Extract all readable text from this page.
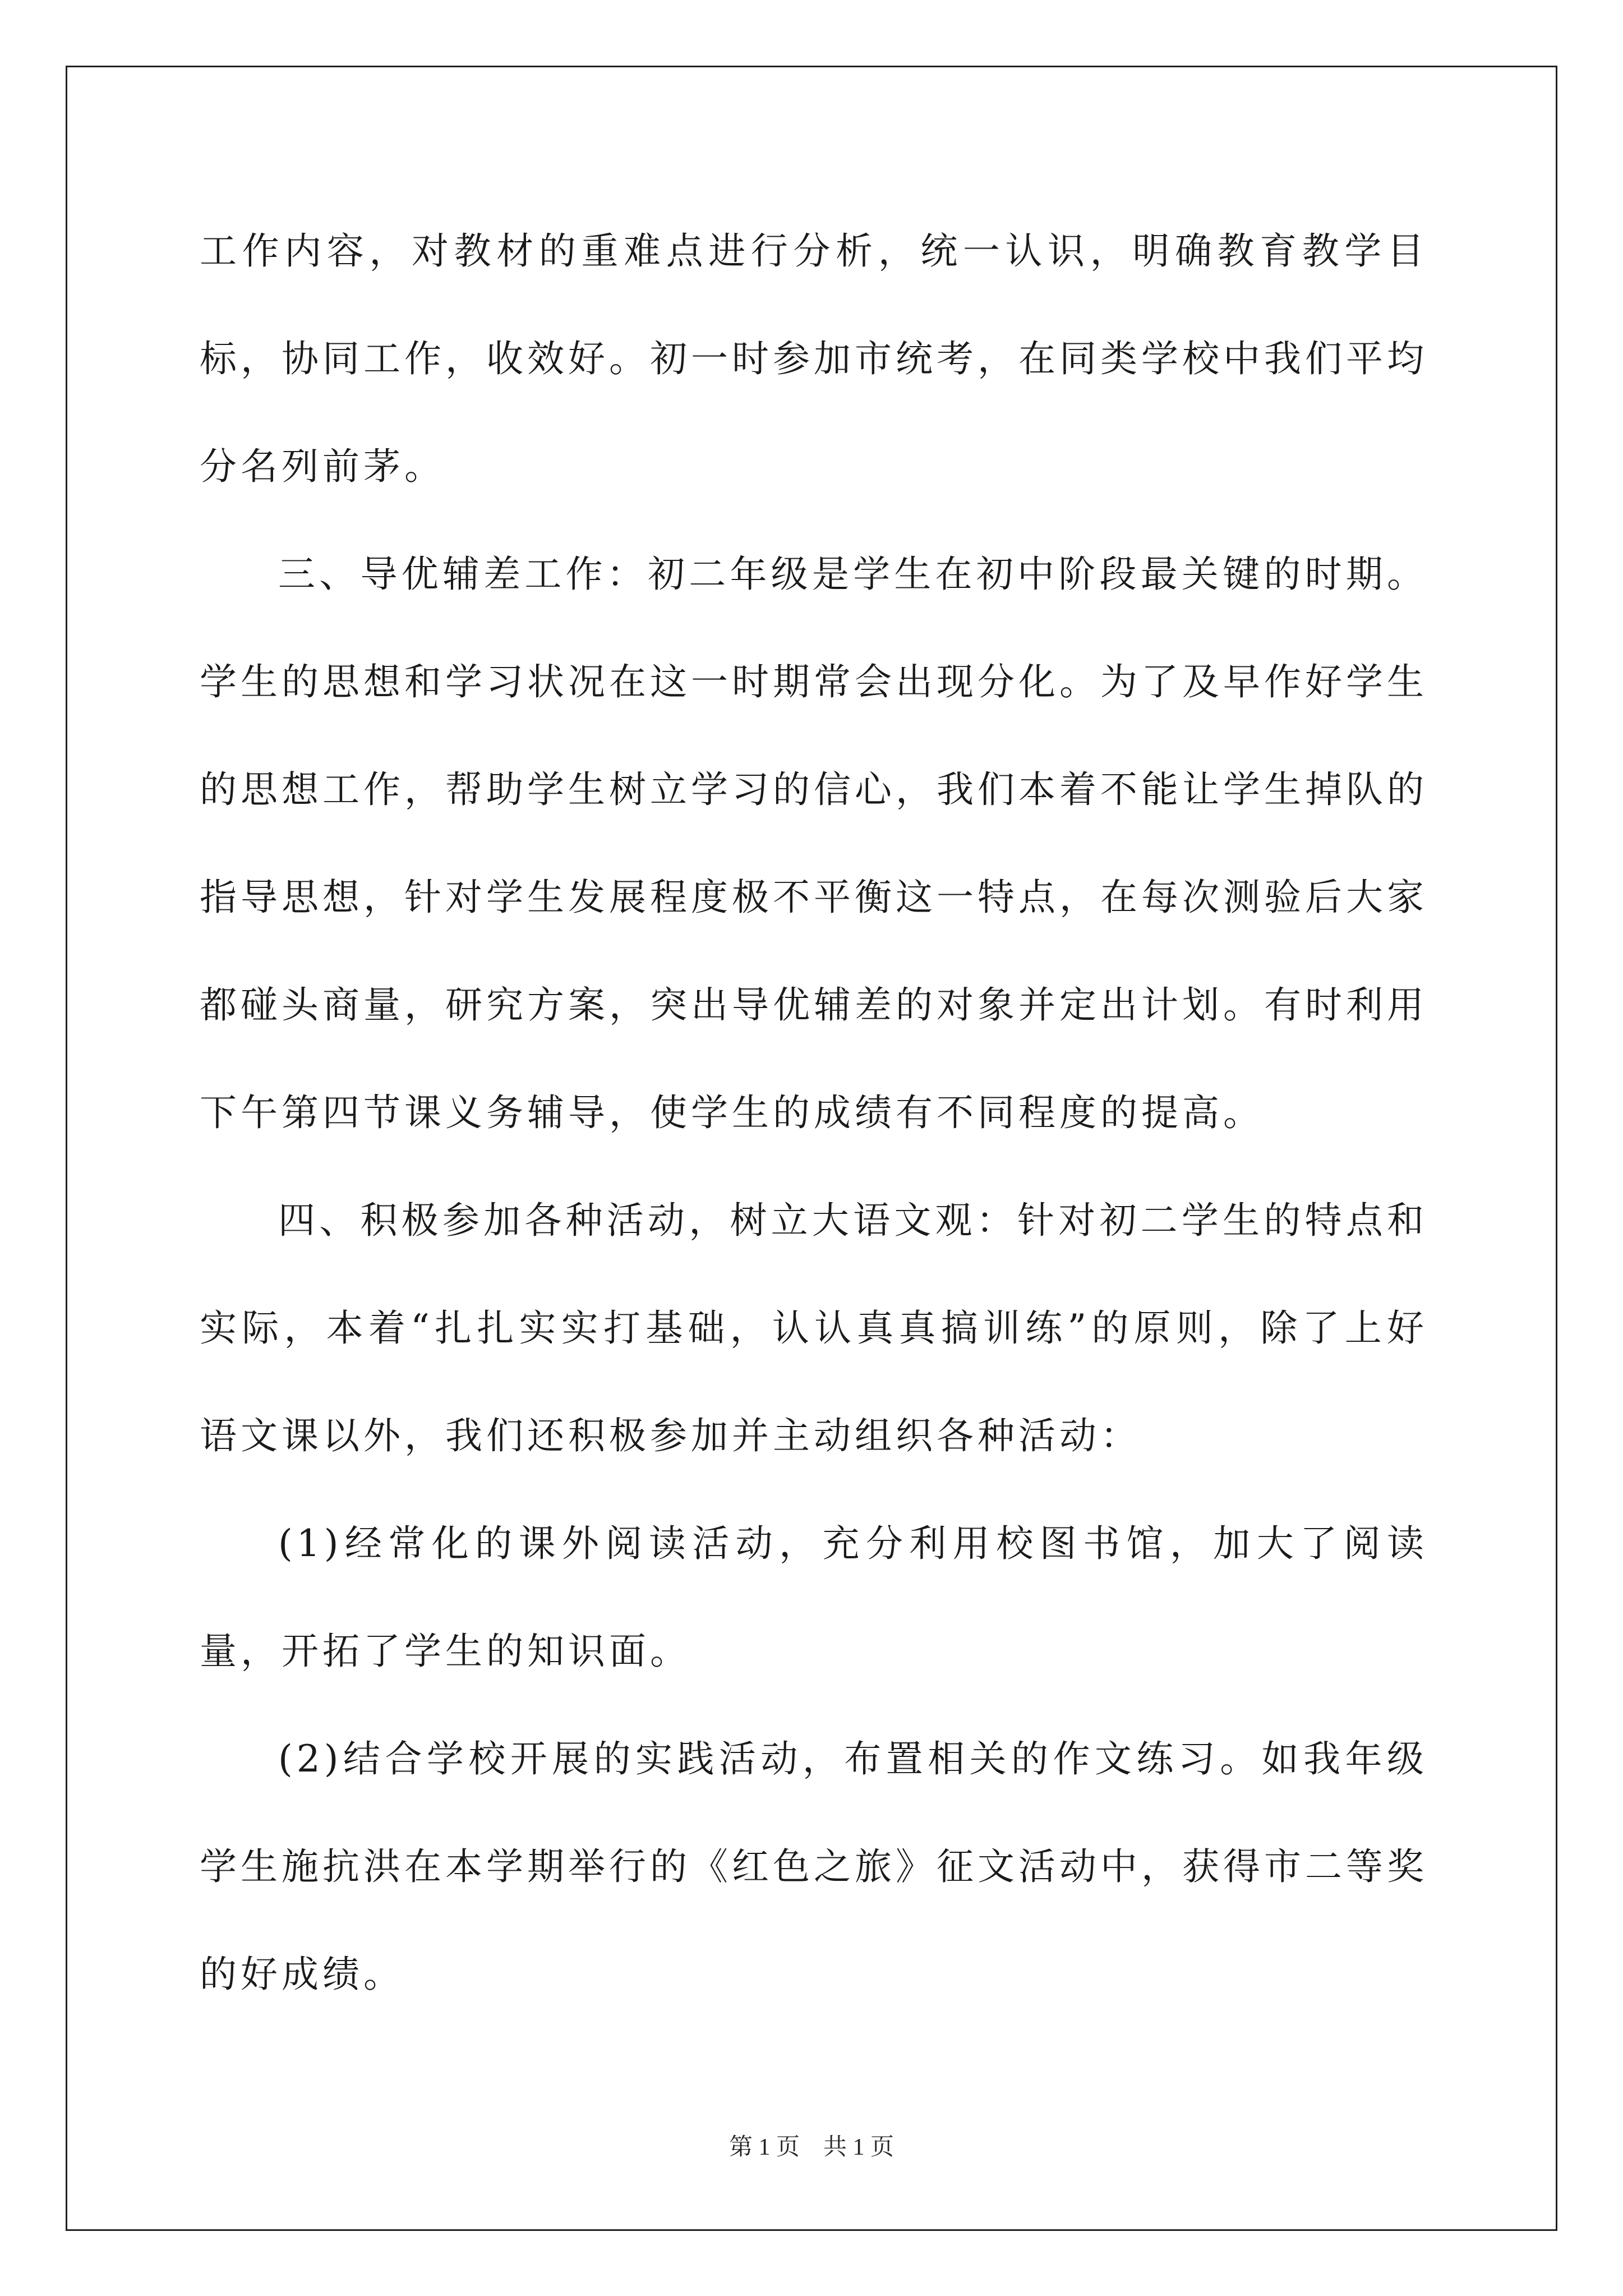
工作内容，对教材的重难点进行分析，统一认识，明确教育教学目标，协同工作，收效好。初一时参加市统考，在同类学校中我们平均分名列前茅。

三、导优辅差工作：初二年级是学生在初中阶段最关键的时期。学生的思想和学习状况在这一时期常会出现分化。为了及早作好学生的思想工作，帮助学生树立学习的信心，我们本着不能让学生掉队的指导思想，针对学生发展程度极不平衡这一特点，在每次测验后大家都碰头商量，研究方案，突出导优辅差的对象并定出计划。有时利用下午第四节课义务辅导，使学生的成绩有不同程度的提高。

四、积极参加各种活动，树立大语文观：针对初二学生的特点和实际，本着“扎扎实实打基础，认认真真搞训练”的原则，除了上好语文课以外，我们还积极参加并主动组织各种活动：

(1)经常化的课外阅读活动，充分利用校图书馆，加大了阅读量，开拓了学生的知识面。

(2)结合学校开展的实践活动，布置相关的作文练习。如我年级学生施抗洪在本学期举行的《红色之旅》征文活动中，获得市二等奖的好成绩。

第 1 页　共 1 页
